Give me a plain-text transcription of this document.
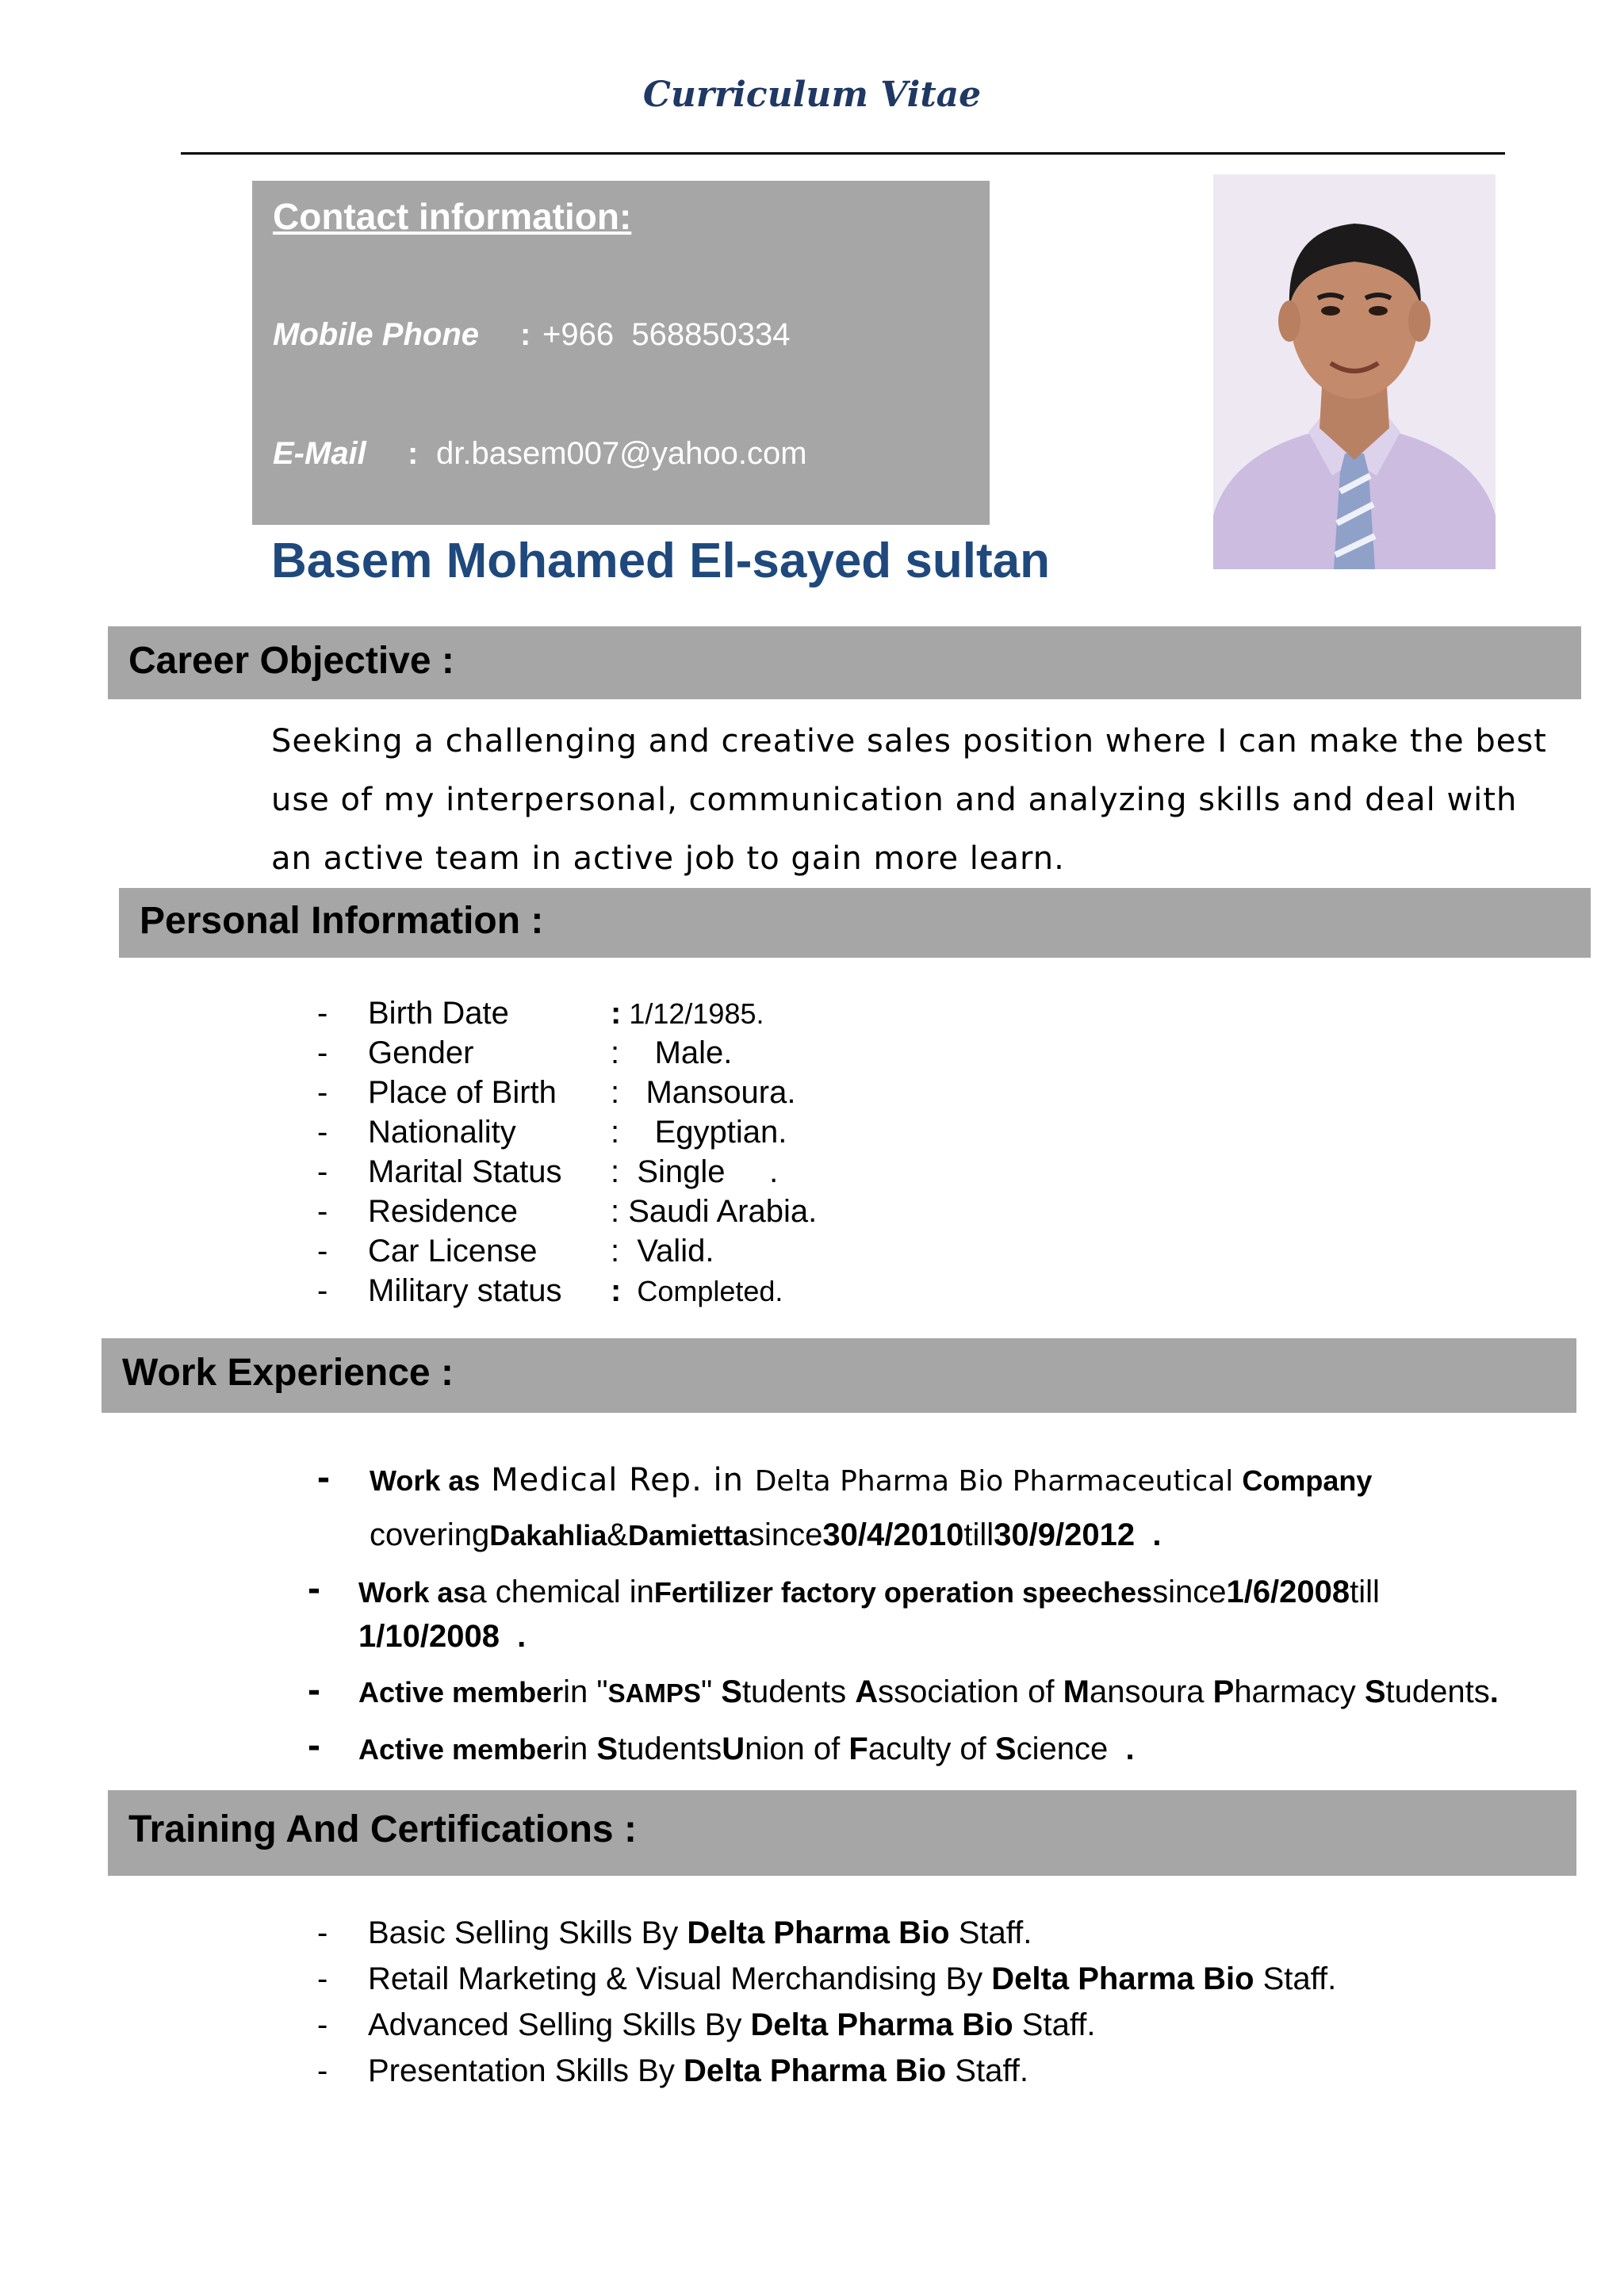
Curriculum Vitae
Contact information:
Mobile Phone : +966  568850334
E-Mail : dr.basem007@yahoo.com
Basem Mohamed El-sayed sultan
Career Objective :
Seeking a challenging and creative sales position where I can make the best use of my interpersonal, communication and analyzing skills and deal with an active team in active job to gain more learn.
Personal Information :
- Birth Date	: 1/12/1985.
- Gender	:    Male.
- Place of Birth :   Mansoura.
- Nationality	:    Egyptian.
- Marital Status :  Single     .
- Residence	: Saudi Arabia.
- Car License :  Valid.
- Military status :  Completed.
Work Experience :
- Work as Medical Rep. in Delta Pharma Bio Pharmaceutical Company
coveringDakahlia&Damiettasince30/4/2010till30/9/2012  .
- Work asa chemical inFertilizer factory operation speechessince1/6/2008till
1/10/2008  .
- Active memberin "SAMPS" Students Association of Mansoura Pharmacy Students.
- Active memberin StudentsUnion of Faculty of Science  .
Training And Certifications :
- Basic Selling Skills By Delta Pharma Bio Staff.
- Retail Marketing & Visual Merchandising By Delta Pharma Bio Staff.
- Advanced Selling Skills By Delta Pharma Bio Staff.
- Presentation Skills By Delta Pharma Bio Staff.
